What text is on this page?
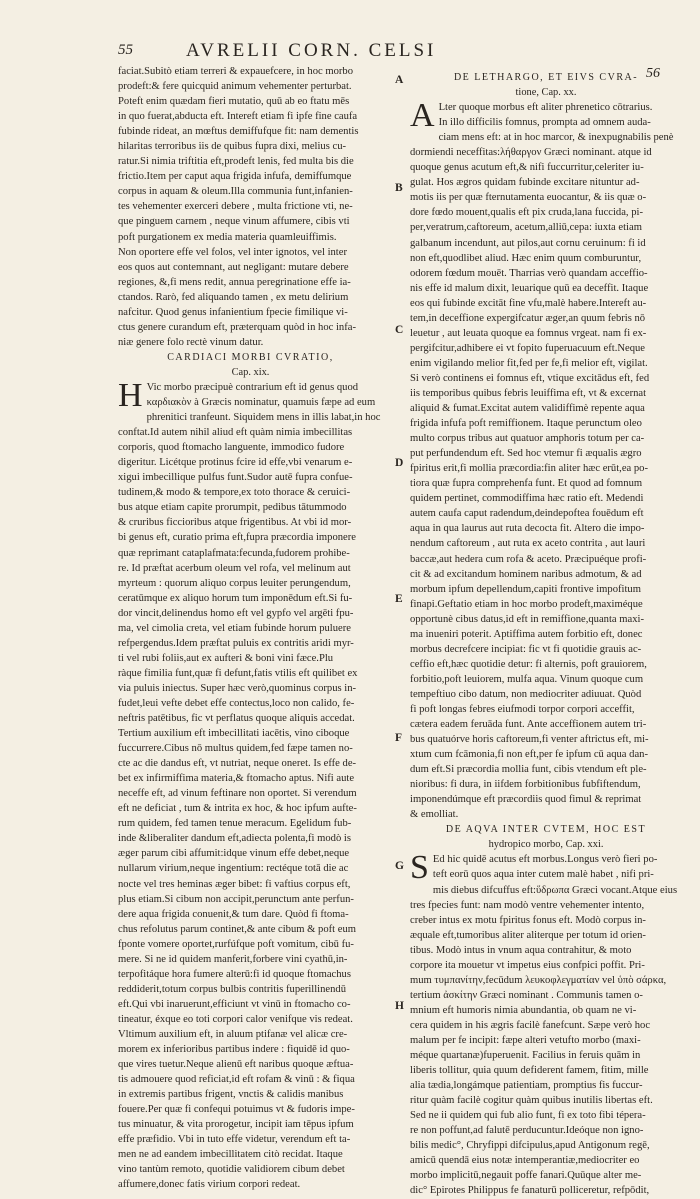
55	AVRELII CORN. CELSI
56
A
B
C
D
E
F
G
H
faciat.Subitò etiam terreri & expauefcere, in hoc morbo
prodeft:& fere quicquid animum vehementer perturbat.
Poteft enim quædam fieri mutatio, quū ab eo ftatu mēs
in quo fuerat,abducta eft. Intereft etiam fi ipfe fine caufa
fubinde rideat, an mœftus demiffufque fit: nam dementis
hilaritas terroribus iis de quibus fupra dixi, melius cu-
ratur.Si nimia triftitia eft,prodeft lenis, fed multa bis die
frictio.Item per caput aqua frigida infufa, demiffumque
corpus in aquam & oleum.Illa communia funt,infanien-
tes vehementer exerceri debere , multa frictione vti, ne-
que pinguem carnem , neque vinum affumere, cibis vti
poft purgationem ex media materia quamleuiffimis.
Non oportere effe vel folos, vel inter ignotos, vel inter
eos quos aut contemnant, aut negligant: mutare debere
regiones, &,fi mens redit, annua peregrinatione effe ia-
ctandos. Rarò, fed aliquando tamen , ex metu delirium
nafcitur. Quod genus infanientium fpecie fimilique vi-
ctus genere curandum eft, præterquam quòd in hoc infa-
niæ genere folo rectè vinum datur.
CARDIACI MORBI CVRATIO,
Cap. xix.
H Vic morbo præcipuè contrarium eft id genus quod
καρδιακὸν à Græcis nominatur, quamuis fæpe ad eum
phrenitici tranfeunt. Siquidem mens in illis labat,in hoc
conftat.Id autem nihil aliud eft quàm nimia imbecillitas
corporis, quod ftomacho languente, immodico fudore
digeritur. Licétque protinus fcire id effe,vbi venarum e-
xigui imbecillique pulfus funt.Sudor autē fupra confue-
tudinem,& modo & tempore,ex toto thorace & ceruici-
bus atque etiam capite prorumpit, pedibus tātummodo
& cruribus ficcioribus atque frigentibus. At vbi id mor-
bi genus eft, curatio prima eft,fupra præcordia imponere
quæ reprimant cataplafmata:fecunda,fudorem prohibe-
re. Id præftat acerbum oleum vel rofa, vel melinum aut
myrteum : quorum aliquo corpus leuiter perungendum,
ceratūmque ex aliquo horum tum imponēdum eft.Si fu-
dor vincit,delinendus homo eft vel gypfo vel argēti fpu-
ma, vel cimolia creta, vel etiam fubinde horum puluere
refpergendus.Idem præftat puluis ex contritis aridi myr-
ti vel rubi foliis,aut ex aufteri & boni vini fæce.Plu
ràque fimilia funt,quæ fi defunt,fatis vtilis eft quilibet ex
via puluis iniectus. Super hæc verò,quominus corpus in-
fudet,leui vefte debet effe contectus,loco non calido, fe-
neftris patētibus, fic vt perflatus quoque aliquis accedat.
Tertium auxilium eft imbecillitati iacētis, vino ciboque
fuccurrere.Cibus nō multus quidem,fed fæpe tamen no-
cte ac die dandus eft, vt nutriat, neque oneret. Is effe de-
bet ex infirmiffima materia,& ftomacho aptus. Nifi aute
neceffe eft, ad vinum feftinare non oportet. Si verendum
eft ne deficiat , tum & intrita ex hoc, & hoc ipfum aufte-
rum quidem, fed tamen tenue meracum. Egelidum fub-
inde &liberaliter dandum eft,adiecta polenta,fi modò is
æger parum cibi affumit:idque vinum effe debet,neque
nullarum virium,neque ingentium: rectéque totā die ac
nocte vel tres heminas æger bibet: fi vaftius corpus eft,
plus etiam.Si cibum non accipit,perunctum ante perfun-
dere aqua frigida conuenit,& tum dare. Quòd fi ftoma-
chus refolutus parum continet,& ante cibum & poft eum
fponte vomere oportet,rurfúfque poft vomitum, cibū fu-
mere. Si ne id quidem manferit,forbere vini cyathū,in-
terpofitáque hora fumere alterū:fi id quoque ftomachus
reddiderit,totum corpus bulbis contritis fuperillinendū
eft.Qui vbi inaruerunt,efficiunt vt vinū in ftomacho co-
tineatur, éxque eo toti corpori calor venifque vis redeat.
Vltimum auxilium eft, in aluum ptifanæ vel alicæ cre-
morem ex inferioribus partibus indere : fiquidē id quo-
que vires tuetur.Neque alienū eft naribus quoque æftua-
tis admouere quod reficiat,id eft rofam & vinū : & fiqua
in extremis partibus frigent, vnctis & calidis manibus
fouere.Per quæ fi confequi potuimus vt & fudoris impe-
tus minuatur, & vita prorogetur, incipit iam tēpus ipfum
effe præfidio. Vbi in tuto effe videtur, verendum eft ta-
men ne ad eandem imbecillitatem citò recidat. Itaque
vino tantùm remoto, quotidie validiorem cibum debet
affumere,donec fatis virium corpori redeat.
DE LETHARGO, ET EIVS CVRA-
tione, Cap. xx.
A Lter quoque morbus eft aliter phrenetico cōtrarius.
In illo difficilis fomnus, prompta ad omnem auda-
ciam mens eft: at in hoc marcor, & inexpugnabilis penè
dormiendi neceffitas:λήθαργον Græci nominant. atque id
quoque genus acutum eft,& nifi fuccurritur,celeriter iu-
gulat. Hos ægros quidam fubinde excitare nituntur ad-
motis iis per quæ fternutamenta euocantur, & iis quæ o-
dore fœdo mouent,qualis eft pix cruda,lana fuccida, pi-
per,veratrum,caftoreum, acetum,alliū,cepa: iuxta etiam
galbanum incendunt, aut pilos,aut cornu ceruinum: fi id
non eft,quodlibet aliud. Hæc enim quum comburuntur,
odorem fœdum mouēt. Tharrias verò quandam acceffio-
nis effe id malum dixit, leuarique quū ea deceffit. Itaque
eos qui fubinde excitāt fine vfu,malè habere.Intereft au-
tem,in deceffione expergifcatur æger,an quum febris nō
leuetur , aut leuata quoque ea fomnus vrgeat. nam fi ex-
pergifcitur,adhibere ei vt fopito fuperuacuum eft.Neque
enim vigilando melior fit,fed per fe,fi melior eft, vigilat.
Si verò continens ei fomnus eft, vtique excitādus eft, fed
iis temporibus quibus febris leuiffima eft, vt & excernat
aliquid & fumat.Excitat autem validiffimè repente aqua
frigida infufa poft remiffionem. Itaque perunctum oleo
multo corpus tribus aut quatuor amphoris totum per ca-
put perfundendum eft. Sed hoc vtemur fi æqualis ægro
fpiritus erit,fi mollia præcordia:fin aliter hæc erūt,ea po-
tiora quæ fupra comprehenfa funt. Et quod ad fomnum
quidem pertinet, commodiffima hæc ratio eft. Medendi
autem caufa caput radendum,deindepoftea fouēdum eft
aqua in qua laurus aut ruta decocta fit. Altero die impo-
nendum caftoreum , aut ruta ex aceto contrita , aut lauri
baccæ,aut hedera cum rofa & aceto. Præcipuéque profi-
cit & ad excitandum hominem naribus admotum, & ad
morbum ipfum depellendum,capiti frontive impofitum
finapi.Geftatio etiam in hoc morbo prodeft,maximéque
opportunè cibus datus,id eft in remiffione,quanta maxi-
ma inueniri poterit. Aptiffima autem forbitio eft, donec
morbus decrefcere incipiat: fic vt fi quotidie grauis ac-
ceffio eft,hæc quotidie detur: fi alternis, poft grauiorem,
forbitio,poft leuiorem, mulfa aqua. Vinum quoque cum
tempeftiuo cibo datum, non mediocriter adiuuat. Quòd
fi poft longas febres eiufmodi torpor corpori acceffit,
cætera eadem feruāda funt. Ante acceffionem autem tri-
bus quatuórve horis caftoreum,fi venter aftrictus eft, mi-
xtum cum fcāmonia,fi non eft,per fe ipfum cū aqua dan-
dum eft.Si præcordia mollia funt, cibis vtendum eft ple-
nioribus: fi dura, in iifdem forbitionibus fubfiftendum,
imponendúmque eft præcordiis quod fimul & reprimat
& emolliat.
DE AQVA INTER CVTEM, HOC EST
hydropico morbo, Cap. xxi.
S Ed hic quidē acutus eft morbus.Longus verò fieri po-
teft eorū quos aqua inter cutem malè habet , nifi pri-
mis diebus difcuffus eft:ὕδρωπα Græci vocant.Atque eius
tres fpecies funt: nam modò ventre vehementer intento,
creber intus ex motu fpiritus fonus eft. Modò corpus in-
æquale eft,tumoribus aliter aliterque per totum id orien-
tibus. Modò intus in vnum aqua contrahitur, & moto
corpore ita mouetur vt impetus eius confpici poffit. Pri-
mum τυμπανίτην,fecūdum λευκοφλεγματίαν vel ὑπὸ σάρκα,
tertium ἀσκίτην Græci nominant . Communis tamen o-
mnium eft humoris nimia abundantia, ob quam ne vi-
cera quidem in his ægris facilè fanefcunt. Sæpe verò hoc
malum per fe incipit: fæpe alteri vetufto morbo (maxi-
méque quartanæ)fuperuenit. Facilius in feruis quām in
liberis tollitur, quia quum defiderent famem, fitim, mille
alia tædia,longámque patientiam, promptius fis fuccur-
ritur quàm facilè cogitur quàm quibus inutilis libertas eft.
Sed ne ii quidem qui fub alio funt, fi ex toto fibi tépera-
re non poffunt,ad falutē perducuntur.Ideóque non igno-
bilis medic°, Chryfippi difcipulus,apud Antigonum regē,
amicū quendā eius notæ intemperantiæ,mediocriter eo
morbo implicitū,negauit poffe fanari.Quūque alter me-
dic° Epirotes Philippus fe fanaturū polliceretur, refpōdit,
